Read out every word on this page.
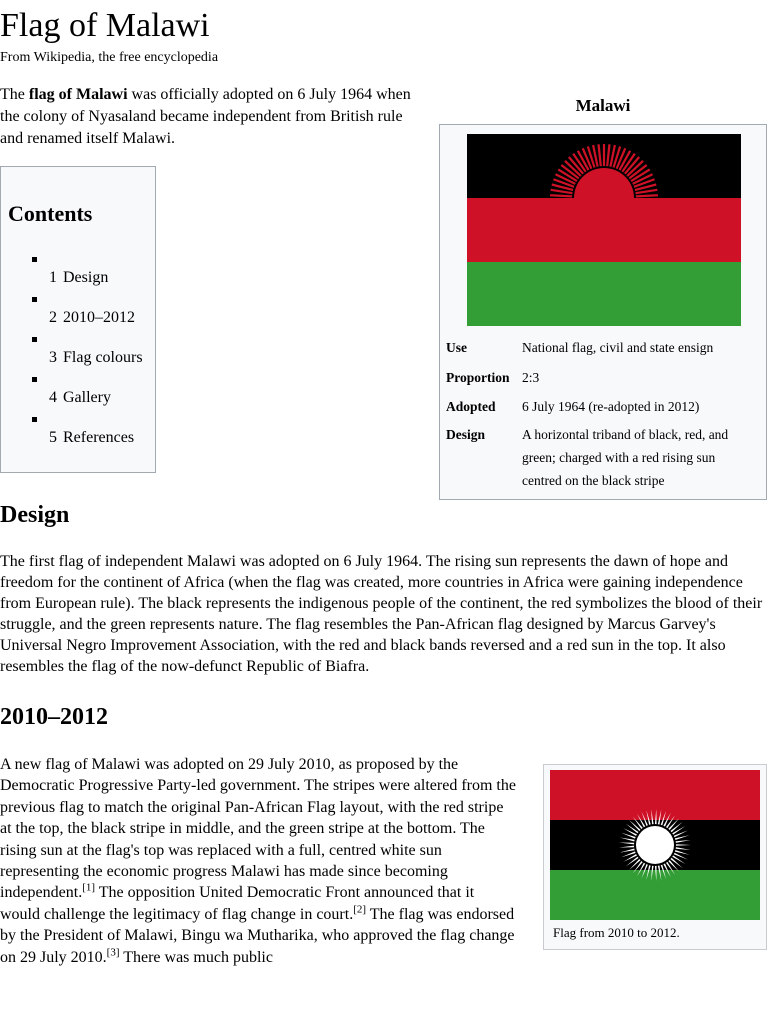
Flag of Malawi
From Wikipedia, the free encyclopedia

The flag of Malawi was officially adopted on 6 July 1964 when the colony of Nyasaland became independent from British rule and renamed itself Malawi.

Contents
1 Design
2 2010–2012
3 Flag colours
4 Gallery
5 References
Malawi
Use	National flag, civil and state ensign
Proportion 2:3
Adopted 6 July 1964 (re-adopted in 2012)
Design	A horizontal triband of black, red, and green; charged with a red rising sun centred on the black stripe
Design

The first flag of independent Malawi was adopted on 6 July 1964. The rising sun represents the dawn of hope and freedom for the continent of Africa (when the flag was created, more countries in Africa were gaining independence from European rule). The black represents the indigenous people of the continent, the red symbolizes the blood of their struggle, and the green represents nature. The flag resembles the Pan-African flag designed by Marcus Garvey's Universal Negro Improvement Association, with the red and black bands reversed and a red sun in the top. It also resembles the flag of the now-defunct Republic of Biafra.

2010–2012

A new flag of Malawi was adopted on 29 July 2010, as proposed by the Democratic Progressive Party-led government. The stripes were altered from the previous flag to match the original Pan-African Flag layout, with the red stripe at the top, the black stripe in middle, and the green stripe at the bottom. The rising sun at the flag's top was replaced with a full, centred white sun representing the economic progress Malawi has made since becoming independent.[1] The opposition United Democratic Front announced that it would challenge the legitimacy of flag change in court.[2] The flag was endorsed by the President of Malawi, Bingu wa Mutharika, who approved the flag change on 29 July 2010.[3] There was much public

Flag from 2010 to 2012.
